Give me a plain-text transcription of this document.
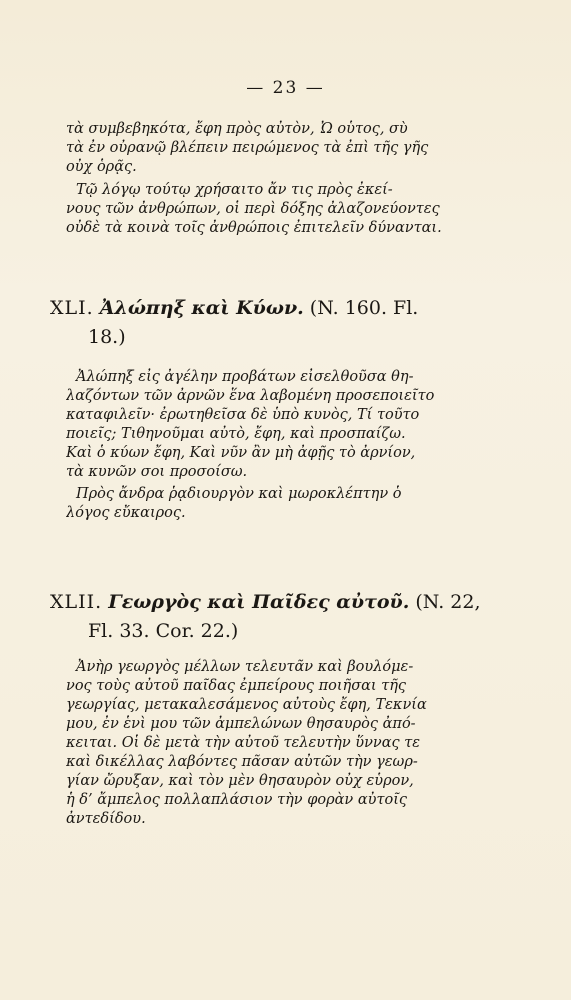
— 23 —
τὰ συμβεβηκότα, ἔφη πρὸς αὐτὸν, Ὦ οὗτος, σὺ
τὰ ἐν οὐρανῷ βλέπειν πειρώμενος τὰ ἐπὶ τῆς γῆς
οὐχ ὁρᾷς.
Τῷ λόγῳ τούτῳ χρήσαιτο ἄν τις πρὸς ἐκεί-
νους τῶν ἀνθρώπων, οἱ περὶ δόξης ἀλαζονεύοντες
οὐδὲ τὰ κοινὰ τοῖς ἀνθρώποις ἐπιτελεῖν δύνανται.
XLI. Ἀλώπηξ καὶ Κύων. (N. 160. Fl.
18.)
Ἀλώπηξ εἰς ἀγέλην προβάτων εἰσελθοῦσα θη-
λαζόντων τῶν ἀρνῶν ἕνα λαβομένη προσεποιεῖτο
καταφιλεῖν· ἐρωτηθεῖσα δὲ ὑπὸ κυνὸς, Τί τοῦτο
ποιεῖς; Τιθηνοῦμαι αὐτὸ, ἔφη, καὶ προσπαίζω.
Καὶ ὁ κύων ἔφη, Καὶ νῦν ἂν μὴ ἀφῇς τὸ ἀρνίον,
τὰ κυνῶν σοι προσοίσω.
Πρὸς ἄνδρα ῥᾳδιουργὸν καὶ μωροκλέπτην ὁ
λόγος εὔκαιρος.
XLII. Γεωργὸς καὶ Παῖδες αὐτοῦ. (N. 22,
Fl. 33. Cor. 22.)
Ἀνὴρ γεωργὸς μέλλων τελευτᾶν καὶ βουλόμε-
νος τοὺς αὐτοῦ παῖδας ἐμπείρους ποιῆσαι τῆς
γεωργίας, μετακαλεσάμενος αὐτοὺς ἔφη, Τεκνία
μου, ἐν ἑνὶ μου τῶν ἀμπελώνων θησαυρὸς ἀπό-
κειται. Οἱ δὲ μετὰ τὴν αὐτοῦ τελευτὴν ὕννας τε
καὶ δικέλλας λαβόντες πᾶσαν αὐτῶν τὴν γεωρ-
γίαν ὤρυξαν, καὶ τὸν μὲν θησαυρὸν οὐχ εὗρον,
ἡ δ’ ἄμπελος πολλαπλάσιον τὴν φορὰν αὐτοῖς
ἀντεδίδου.
